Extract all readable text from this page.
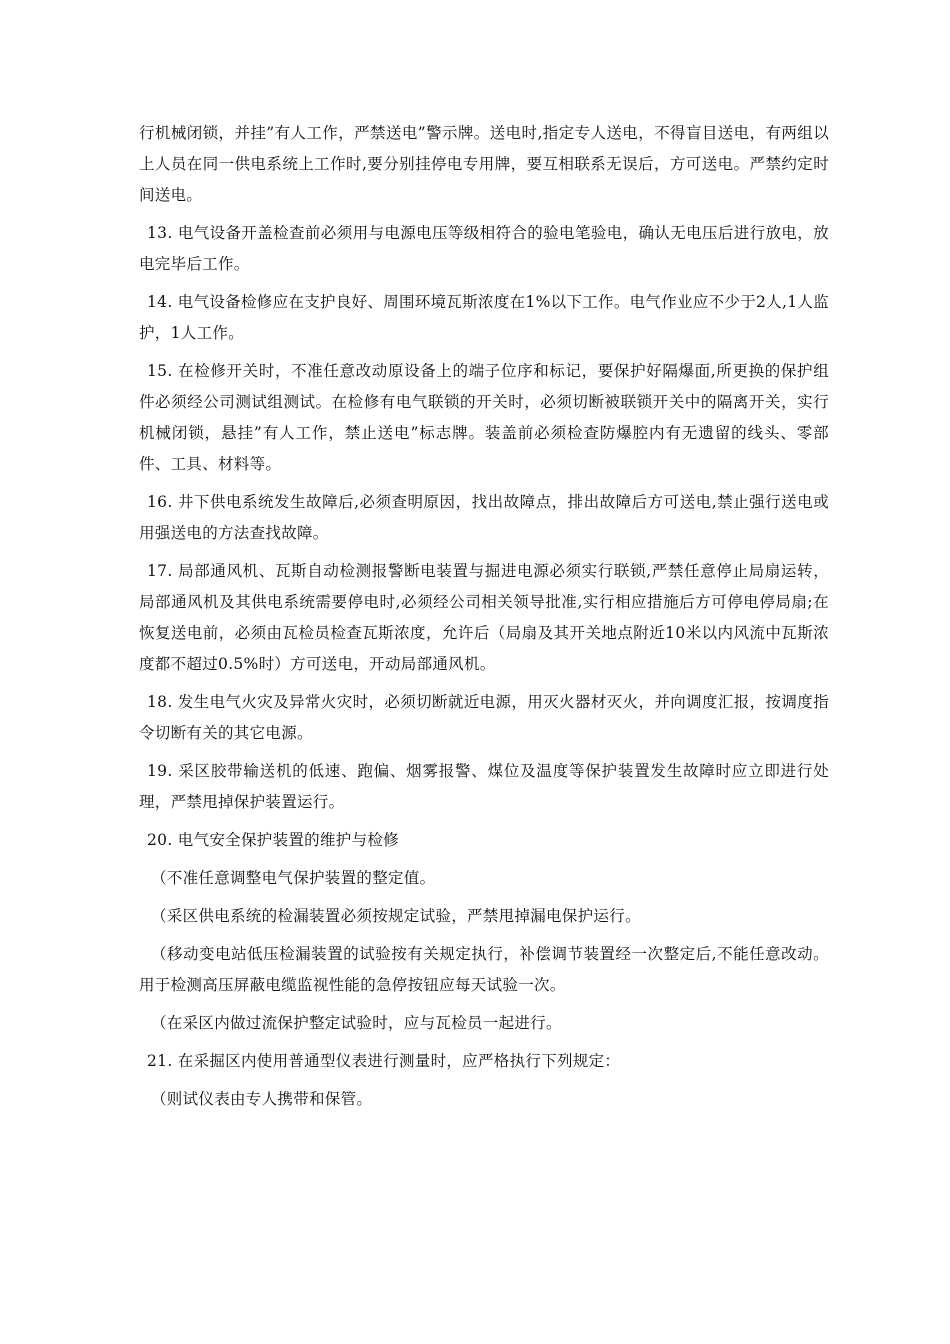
行机械闭锁，并挂”有人工作，严禁送电”警示牌。送电时,指定专人送电，不得盲目送电，有两组以上人员在同一供电系统上工作时,要分别挂停电专用牌，要互相联系无误后，方可送电。严禁约定时间送电。

13. 电气设备开盖检查前必须用与电源电压等级相符合的验电笔验电，确认无电压后进行放电，放电完毕后工作。

14. 电气设备检修应在支护良好、周围环境瓦斯浓度在1%以下工作。电气作业应不少于2人,1人监护，1人工作。

15. 在检修开关时，不准任意改动原设备上的端子位序和标记，要保护好隔爆面,所更换的保护组件必须经公司测试组测试。在检修有电气联锁的开关时，必须切断被联锁开关中的隔离开关，实行机械闭锁，悬挂”有人工作，禁止送电”标志牌。装盖前必须检查防爆腔内有无遗留的线头、零部件、工具、材料等。

16. 井下供电系统发生故障后,必须查明原因，找出故障点，排出故障后方可送电,禁止强行送电或用强送电的方法查找故障。

17. 局部通风机、瓦斯自动检测报警断电装置与掘进电源必须实行联锁,严禁任意停止局扇运转，局部通风机及其供电系统需要停电时,必须经公司相关领导批准,实行相应措施后方可停电停局扇;在恢复送电前，必须由瓦检员检查瓦斯浓度，允许后（局扇及其开关地点附近10米以内风流中瓦斯浓度都不超过0.5%时）方可送电，开动局部通风机。

18. 发生电气火灾及异常火灾时，必须切断就近电源，用灭火器材灭火，并向调度汇报，按调度指令切断有关的其它电源。

19. 采区胶带输送机的低速、跑偏、烟雾报警、煤位及温度等保护装置发生故障时应立即进行处理，严禁甩掉保护装置运行。

20. 电气安全保护装置的维护与检修

（不准任意调整电气保护装置的整定值。

（采区供电系统的检漏装置必须按规定试验，严禁甩掉漏电保护运行。

（移动变电站低压检漏装置的试验按有关规定执行，补偿调节装置经一次整定后,不能任意改动。用于检测高压屏蔽电缆监视性能的急停按钮应每天试验一次。

（在采区内做过流保护整定试验时，应与瓦检员一起进行。

21. 在采掘区内使用普通型仪表进行测量时，应严格执行下列规定：

（则试仪表由专人携带和保管。
